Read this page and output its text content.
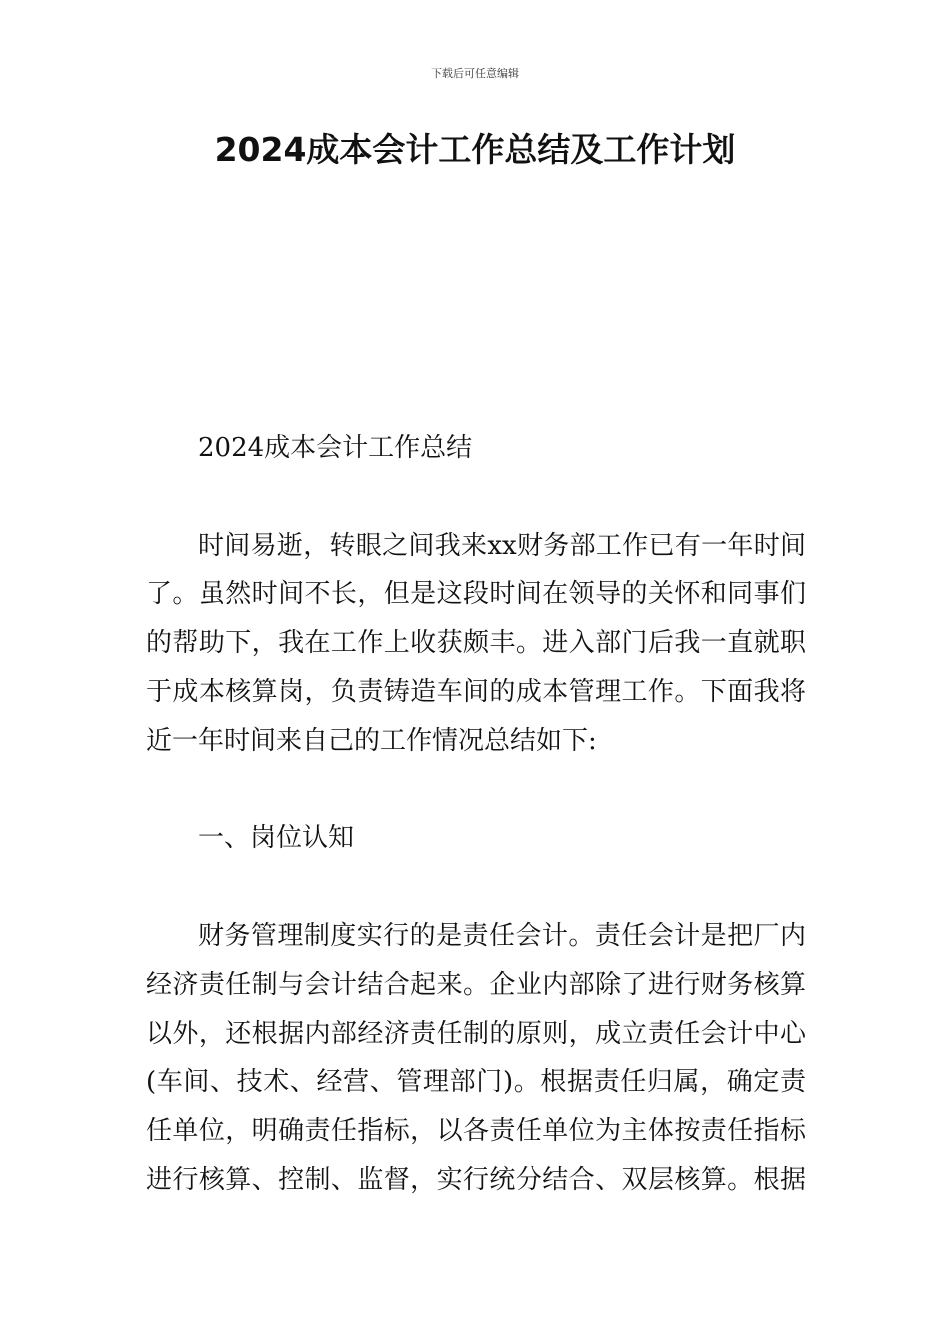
下载后可任意编辑
2024成本会计工作总结及工作计划

2024成本会计工作总结

时间易逝，转眼之间我来xx财务部工作已有一年时间

了。虽然时间不长，但是这段时间在领导的关怀和同事们

的帮助下，我在工作上收获颇丰。进入部门后我一直就职

于成本核算岗，负责铸造车间的成本管理工作。下面我将

近一年时间来自己的工作情况总结如下:

一、岗位认知

财务管理制度实行的是责任会计。责任会计是把厂内

经济责任制与会计结合起来。企业内部除了进行财务核算

以外，还根据内部经济责任制的原则，成立责任会计中心

(车间、技术、经营、管理部门)。根据责任归属，确定责

任单位，明确责任指标，以各责任单位为主体按责任指标

进行核算、控制、监督，实行统分结合、双层核算。根据
